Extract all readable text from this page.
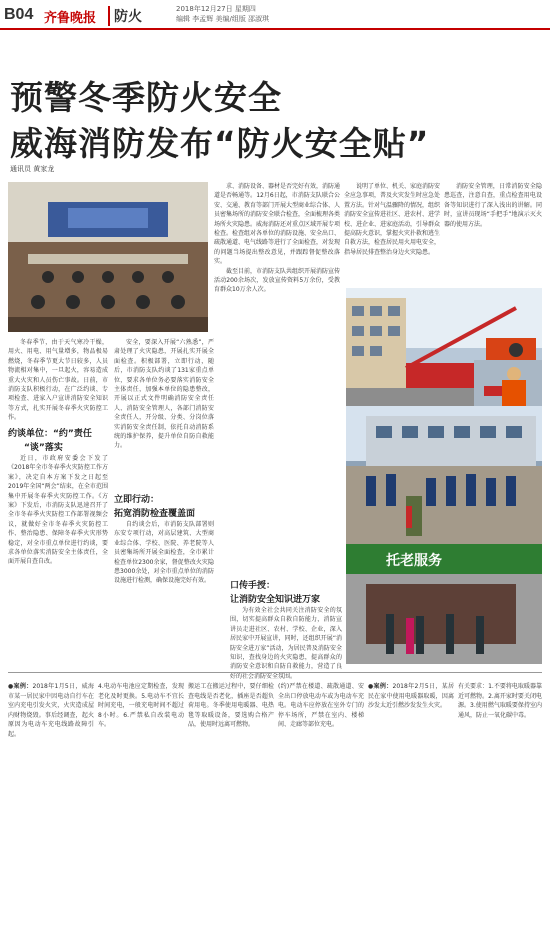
B04 齐鲁晚报	防火	2018年12月27日 星期四
编辑 李孟辉 美编/组版 邵淑琪
预警冬季防火安全
威海消防发布“防火安全贴”
通讯员 黄家龙
托老服务

冬春季节，由于天气寒冷干燥，用火、用电、用气量增多，物品极易燃烧，冬春季节更大节日较多，人员物流相对集中，一旦起火，容易造成重大火灾和人员伤亡事故。日前，市消防支队积极行动，在广泛约谈、专项检查、进家入户宣讲消防安全知识等方式，扎实开展冬春季火灾防控工作。

约谈单位：“约”责任
“谈”落实

近日，市政府安委会下发了《2018年全市冬春季火灾防控工作方案》，决定自本方案下发之日起至2019年全国“两会”结束，在全市范围集中开展冬春季火灾防控工作。《方案》下发后，市消防支队迅速召开了全市冬春季火灾防控工作部署视频会议，就做好全市冬春季火灾防控工作、整治隐患、保障冬春季火灾形势稳定，对全市重点单位进行约谈，要求各单位落实消防安全主体责任，全面开展自查自改。

安全，要深入开展“六熟悉”，严肃处理了火灾隐患，开展扎实开展全面检查。积极部署，立即行动，随后，市消防支队约谈了131家重点单位，要求各单位务必要落实消防安全主体责任，加强本单位的隐患整改，开展以正式文件明确消防安全责任人、消防安全管理人，各部门消防安全责任人，开分级、分类、分岗位落实消防安全责任制，依托自动消防系统的维护保养，提升单位自防自救能力。

立即行动：
拓宽消防检查覆盖面

自约谈会后，市消防支队部署则东安专项行动，对高层建筑、大型商业综合体、学校、医院、养老院等人员密集场所开展全面检查，全市累计检查单位2300余家，督促整改火灾隐患3000余处，对全市重点单位的消防设施进行检测，确保设施完好有效。

求、消防设备、器材是否完好有效，消防通道是否畅通等。12月6日起，市消防支队联合公安、交通、教育等部门开展大型商业综合体、人员密集场所的消防安全联合检查，全面梳理各类场所火灾隐患。威海消防还对重点区域开展专项检查。检查组对各单位的消防设施、安全出口、疏散通道、电气线路等进行了全面检查，对发现的问题当场提出整改意见，并跟踪督促整改落实。

截至目前，市消防支队共组织开展消防宣传活动200余场次，发放宣传资料5万余份，受教育群众10万余人次。

说明了单位、机关、家庭消防安全应急事项，普及火灾发生时应急处置方法。针对气温骤降的情况，组织消防安全宣传进社区、进农村、进学校、进企业、进家庭活动，引导群众提高防火意识，掌握火灾扑救和逃生自救方法，检查居民用火用电安全，指导居民排查整治身边火灾隐患。

消防安全管理，日常消防安全隐患巡查，注意自查，重点检查用电设备等知识进行了深入浅出的讲解。同时，宣讲员现场“手把手”地演示灭火器的使用方法。

口传手授：
让消防安全知识进万家

为有效全社会共同关注消防安全的氛围，切实提高群众自救自防能力，消防宣讲员走进社区、农村、学校、企业，深入居民家中开展宣讲，同时，还组织开展“消防安全进万家”活动，为居民普及消防安全知识，查找身边的火灾隐患，提高群众的消防安全意识和自防自救能力，营造了良好的社会消防安全氛围。

●案例：2018年1月5日，威海市某一居民家中因电动自行车在室内充电引发火灾，火灾造成屋内财物烧毁。事后经调查，起火原因为电动车充电线路故障引起。
4.电动车电池应定期检查，发现老化及时更换。5.电动车不宜长时间充电，一般充电时间不超过8小时。6.严禁私自改装电动车。
搬运工在搬运过程中，要仔细检查电线是否老化，插座是否超负荷用电。冬季使用电暖器、电热毯等取暖设备，要选购合格产品，使用时远离可燃物。
(约)严禁在楼道、疏散通道、安全出口停放电动车或为电动车充电。电动车应停放在室外专门的停车场所，严禁在室内、楼梯间、走廊等部位充电。
●案例：2018年2月5日，某居民在家中使用电暖器取暖，因离沙发太近引燃沙发发生火灾。
有关要求：1.不要将电取暖器靠近可燃物。2.离开家时要关闭电源。3.使用燃气取暖要保持室内通风，防止一氧化碳中毒。
